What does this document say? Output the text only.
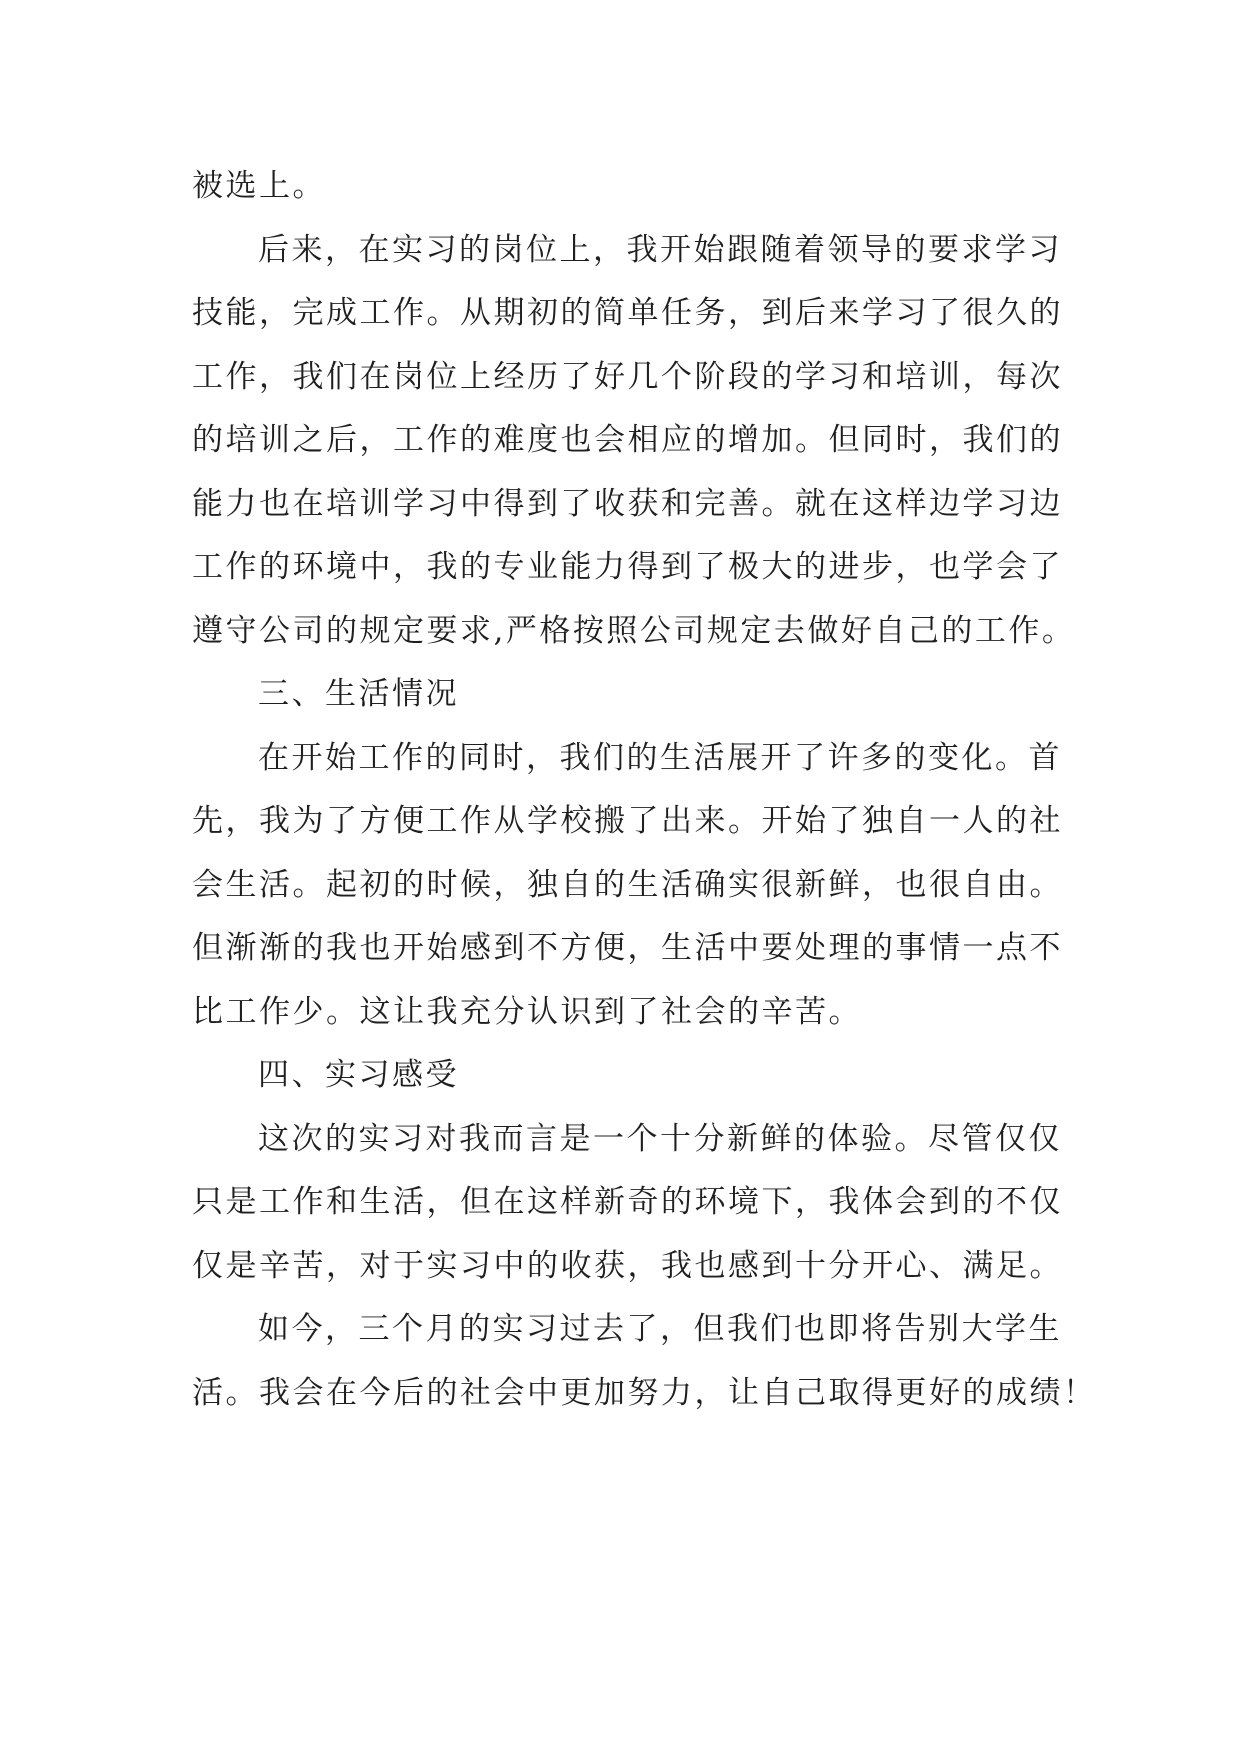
被选上。
后来，在实习的岗位上，我开始跟随着领导的要求学习
技能，完成工作。从期初的简单任务，到后来学习了很久的
工作，我们在岗位上经历了好几个阶段的学习和培训，每次
的培训之后，工作的难度也会相应的增加。但同时，我们的
能力也在培训学习中得到了收获和完善。就在这样边学习边
工作的环境中，我的专业能力得到了极大的进步，也学会了
遵守公司的规定要求,严格按照公司规定去做好自己的工作。
三、生活情况
在开始工作的同时，我们的生活展开了许多的变化。首
先，我为了方便工作从学校搬了出来。开始了独自一人的社
会生活。起初的时候，独自的生活确实很新鲜，也很自由。
但渐渐的我也开始感到不方便，生活中要处理的事情一点不
比工作少。这让我充分认识到了社会的辛苦。
四、实习感受
这次的实习对我而言是一个十分新鲜的体验。尽管仅仅
只是工作和生活，但在这样新奇的环境下，我体会到的不仅
仅是辛苦，对于实习中的收获，我也感到十分开心、满足。
如今，三个月的实习过去了，但我们也即将告别大学生
活。我会在今后的社会中更加努力，让自己取得更好的成绩！
